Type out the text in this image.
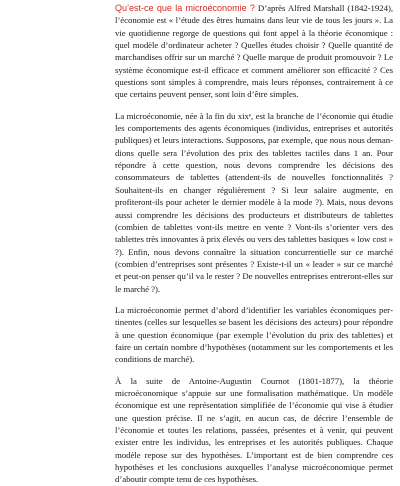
Qu’est-ce que la microéconomie ? D’après Alfred Marshall (1842-1924), l’économie est « l’étude des êtres humains dans leur vie de tous les jours ». La vie quotidienne regorge de questions qui font appel à la théorie économique : quel modèle d’ordinateur acheter ? Quelles études choisir ? Quelle quantité de marchandises offrir sur un marché ? Quelle marque de produit promouvoir ? Le système économique est-il efficace et comment améliorer son efficacité ? Ces questions sont simples à comprendre, mais leurs réponses, contrairement à ce que certains peuvent penser, sont loin d’être simples.

La microéconomie, née à la fin du xixᵉ, est la branche de l’économie qui étudie les comportements des agents économiques (individus, entreprises et autorités publiques) et leurs interactions. Supposons, par exemple, que nous nous demandions quelle sera l’évolution des prix des tablettes tactiles dans 1 an. Pour répondre à cette question, nous devons comprendre les décisions des consommateurs de tablettes (attendent-ils de nouvelles fonctionnalités ? Souhaitent-ils en changer régulièrement ? Si leur salaire augmente, en profiteront-ils pour acheter le dernier modèle à la mode ?). Mais, nous devons aussi comprendre les décisions des producteurs et distributeurs de tablettes (combien de tablettes vont-ils mettre en vente ? Vont-ils s’orienter vers des tablettes très innovantes à prix élevés ou vers des tablettes basiques « low cost » ?). Enfin, nous devons connaître la situation concurrentielle sur ce marché (combien d’entreprises sont présentes ? Existe-t-il un « leader » sur ce marché et peut-on penser qu’il va le rester ? De nouvelles entreprises entreront-elles sur le marché ?).

La microéconomie permet d’abord d’identifier les variables économiques pertinentes (celles sur lesquelles se basent les décisions des acteurs) pour répondre à une question économique (par exemple l’évolution du prix des tablettes) et faire un certain nombre d’hypothèses (notamment sur les comportements et les conditions de marché).

À la suite de Antoine-Augustin Cournot (1801-1877), la théorie microéconomique s’appuie sur une formalisation mathématique. Un modèle économique est une représentation simplifiée de l’économie qui vise à étudier une question précise. Il ne s’agit, en aucun cas, de décrire l’ensemble de l’économie et toutes les relations, passées, présentes et à venir, qui peuvent exister entre les individus, les entreprises et les autorités publiques. Chaque modèle repose sur des hypothèses. L’important est de bien comprendre ces hypothèses et les conclusions auxquelles l’analyse microéconomique permet d’aboutir compte tenu de ces hypothèses.
